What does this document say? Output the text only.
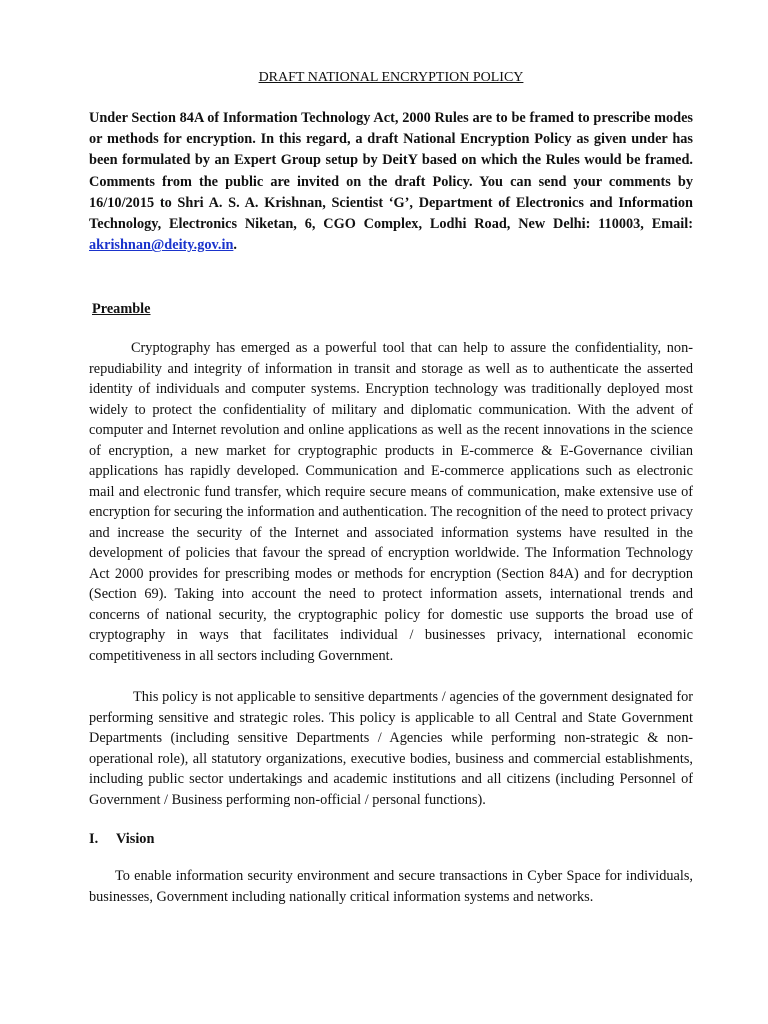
DRAFT NATIONAL ENCRYPTION POLICY

Under Section 84A of Information Technology Act, 2000 Rules are to be framed to prescribe modes or methods for encryption. In this regard, a draft National Encryption Policy as given under has been formulated by an Expert Group setup by DeitY based on which the Rules would be framed. Comments from the public are invited on the draft Policy. You can send your comments by 16/10/2015 to Shri A. S. A. Krishnan, Scientist ‘G’, Department of Electronics and Information Technology, Electronics Niketan, 6, CGO Complex, Lodhi Road, New Delhi: 110003, Email: akrishnan@deity.gov.in.

Preamble

Cryptography has emerged as a powerful tool that can help to assure the confidentiality, non-repudiability and integrity of information in transit and storage as well as to authenticate the asserted identity of individuals and computer systems. Encryption technology was traditionally deployed most widely to protect the confidentiality of military and diplomatic communication. With the advent of computer and Internet revolution and online applications as well as the recent innovations in the science of encryption, a new market for cryptographic products in E-commerce & E-Governance civilian applications has rapidly developed. Communication and E-commerce applications such as electronic mail and electronic fund transfer, which require secure means of communication, make extensive use of encryption for securing the information and authentication. The recognition of the need to protect privacy and increase the security of the Internet and associated information systems have resulted in the development of policies that favour the spread of encryption worldwide. The Information Technology Act 2000 provides for prescribing modes or methods for encryption (Section 84A) and for decryption (Section 69). Taking into account the need to protect information assets, international trends and concerns of national security, the cryptographic policy for domestic use supports the broad use of cryptography in ways that facilitates individual / businesses privacy, international economic competitiveness in all sectors including Government.

This policy is not applicable to sensitive departments / agencies of the government designated for performing sensitive and strategic roles. This policy is applicable to all Central and State Government Departments (including sensitive Departments / Agencies while performing non-strategic & non-operational role), all statutory organizations, executive bodies, business and commercial establishments, including public sector undertakings and academic institutions and all citizens (including Personnel of Government / Business performing non-official / personal functions).

I.	Vision

To enable information security environment and secure transactions in Cyber Space for individuals, businesses, Government including nationally critical information systems and networks.
